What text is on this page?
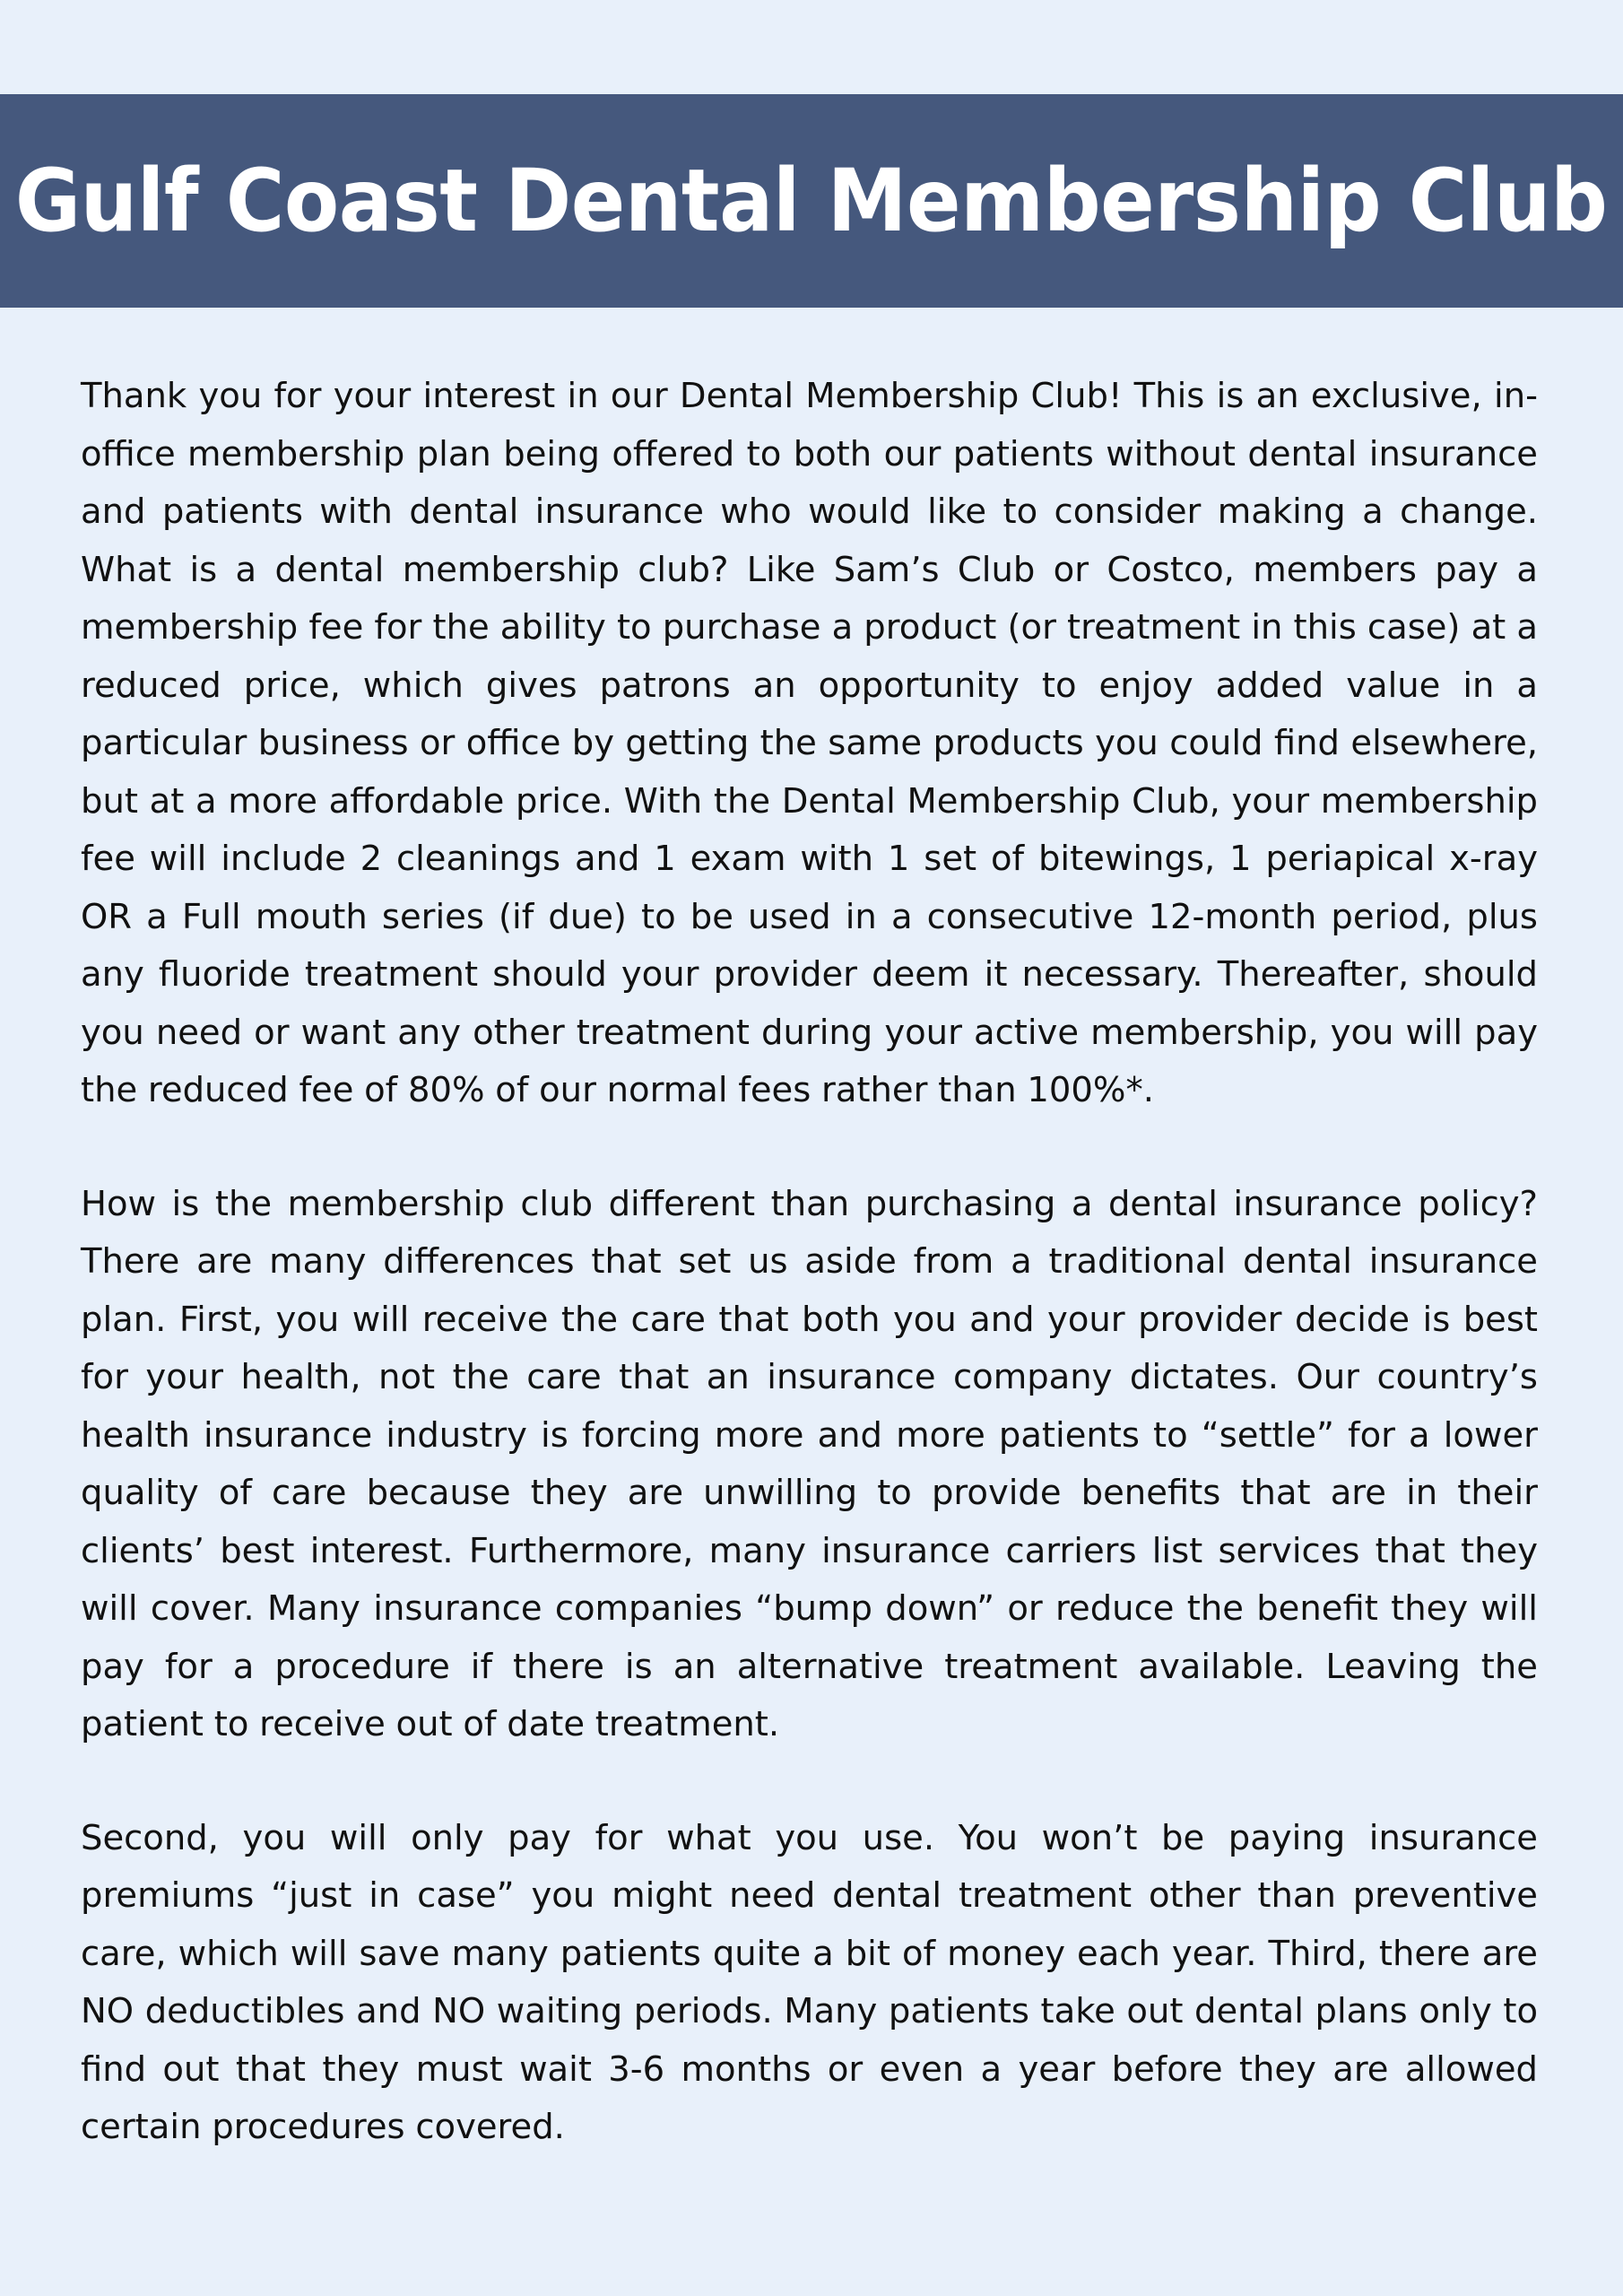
Gulf Coast Dental Membership Club

Thank you for your interest in our Dental Membership Club! This is an exclusive, in-office membership plan being offered to both our patients without dental insurance and patients with dental insurance who would like to consider making a change. What is a dental membership club? Like Sam’s Club or Costco, members pay a membership fee for the ability to purchase a product (or treatment in this case) at a reduced price, which gives patrons an opportunity to enjoy added value in a particular business or office by getting the same products you could find elsewhere, but at a more affordable price. With the Dental Membership Club, your membership fee will include 2 cleanings and 1 exam with 1 set of bitewings, 1 periapical x-ray OR a Full mouth series (if due) to be used in a consecutive 12-month period, plus any fluoride treatment should your provider deem it necessary. Thereafter, should you need or want any other treatment during your active membership, you will pay the reduced fee of 80% of our normal fees rather than 100%*.

How is the membership club different than purchasing a dental insurance policy? There are many differences that set us aside from a traditional dental insurance plan. First, you will receive the care that both you and your provider decide is best for your health, not the care that an insurance company dictates. Our country’s health insurance industry is forcing more and more patients to “settle” for a lower quality of care because they are unwilling to provide benefits that are in their clients’ best interest. Furthermore, many insurance carriers list services that they will cover. Many insurance companies “bump down” or reduce the benefit they will pay for a procedure if there is an alternative treatment available. Leaving the patient to receive out of date treatment.

Second, you will only pay for what you use. You won’t be paying insurance premiums “just in case” you might need dental treatment other than preventive care, which will save many patients quite a bit of money each year. Third, there are NO deductibles and NO waiting periods. Many patients take out dental plans only to find out that they must wait 3-6 months or even a year before they are allowed certain procedures covered.
